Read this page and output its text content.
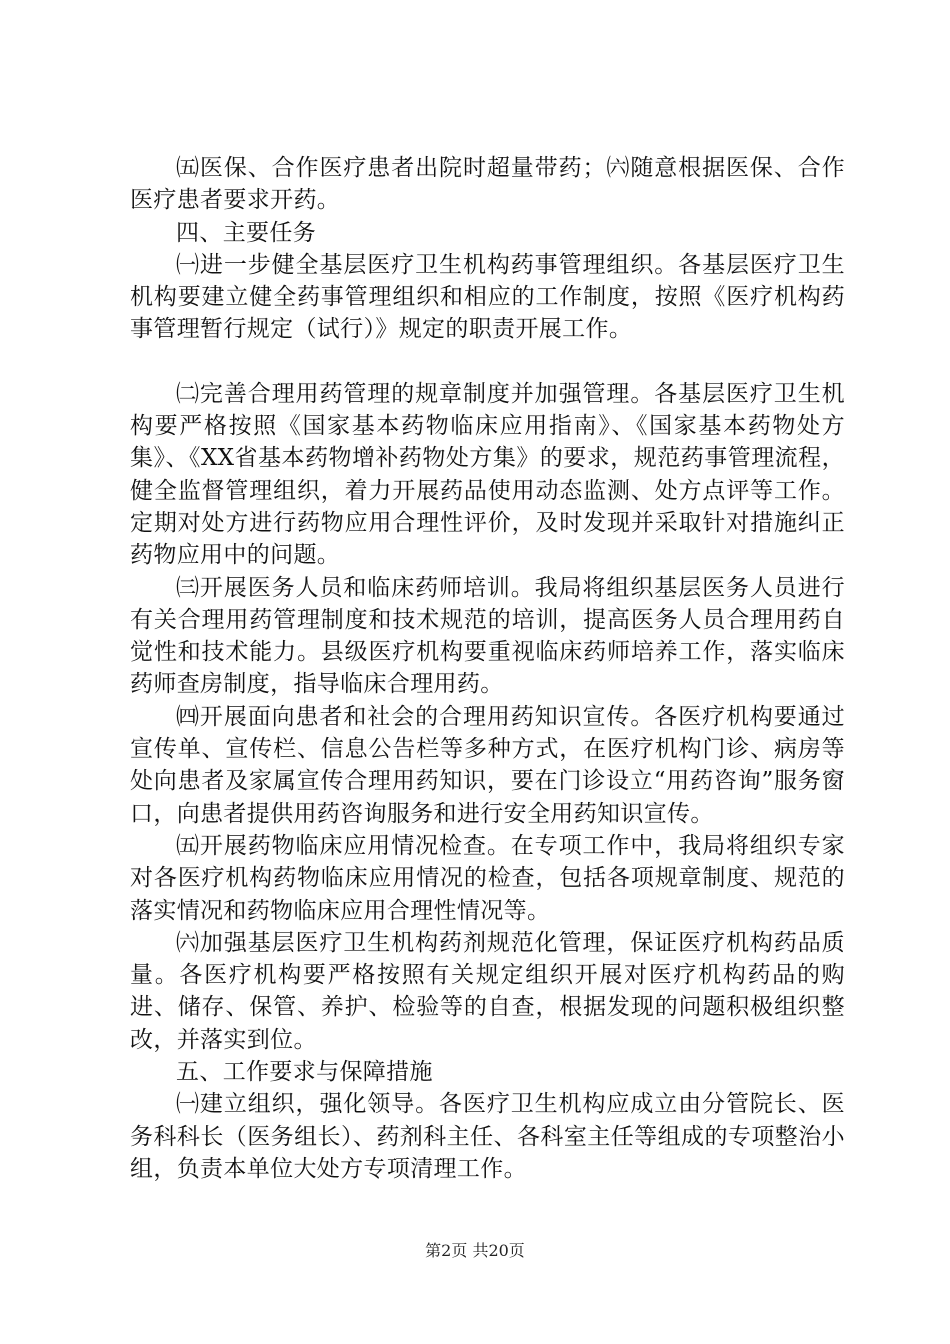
㈤医保、合作医疗患者出院时超量带药；㈥随意根据医保、合作医疗患者要求开药。

四、主要任务

㈠进一步健全基层医疗卫生机构药事管理组织。各基层医疗卫生机构要建立健全药事管理组织和相应的工作制度，按照《医疗机构药事管理暂行规定（试行）》规定的职责开展工作。

㈡完善合理用药管理的规章制度并加强管理。各基层医疗卫生机构要严格按照《国家基本药物临床应用指南》、《国家基本药物处方集》、《XX省基本药物增补药物处方集》的要求，规范药事管理流程，健全监督管理组织，着力开展药品使用动态监测、处方点评等工作。定期对处方进行药物应用合理性评价，及时发现并采取针对措施纠正药物应用中的问题。

㈢开展医务人员和临床药师培训。我局将组织基层医务人员进行有关合理用药管理制度和技术规范的培训，提高医务人员合理用药自觉性和技术能力。县级医疗机构要重视临床药师培养工作，落实临床药师查房制度，指导临床合理用药。

㈣开展面向患者和社会的合理用药知识宣传。各医疗机构要通过宣传单、宣传栏、信息公告栏等多种方式，在医疗机构门诊、病房等处向患者及家属宣传合理用药知识，要在门诊设立“用药咨询”服务窗口，向患者提供用药咨询服务和进行安全用药知识宣传。

㈤开展药物临床应用情况检查。在专项工作中，我局将组织专家对各医疗机构药物临床应用情况的检查，包括各项规章制度、规范的落实情况和药物临床应用合理性情况等。

㈥加强基层医疗卫生机构药剂规范化管理，保证医疗机构药品质量。各医疗机构要严格按照有关规定组织开展对医疗机构药品的购进、储存、保管、养护、检验等的自查，根据发现的问题积极组织整改，并落实到位。

五、工作要求与保障措施

㈠建立组织，强化领导。各医疗卫生机构应成立由分管院长、医务科科长（医务组长）、药剂科主任、各科室主任等组成的专项整治小组，负责本单位大处方专项清理工作。

第2页 共20页
